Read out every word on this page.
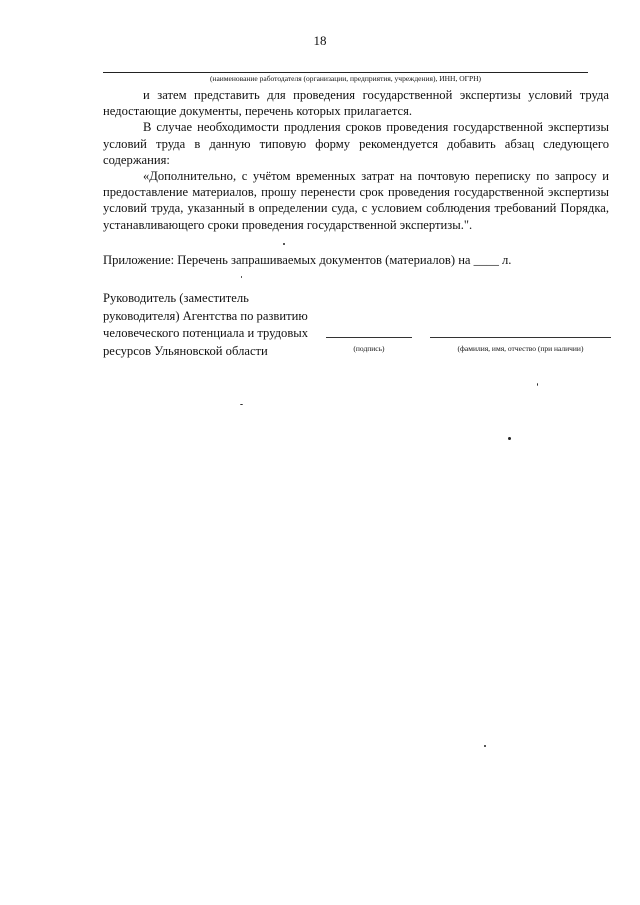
18
(наименование работодателя (организации, предприятия, учреждения), ИНН, ОГРН)

и затем представить для проведения государственной экспертизы условий труда недостающие документы, перечень которых прилагается.

В случае необходимости продления сроков проведения государственной экспертизы условий труда в данную типовую форму рекомендуется добавить абзац следующего содержания:

«Дополнительно, с учётом временных затрат на почтовую переписку по запросу и предоставление материалов, прошу перенести срок проведения государственной экспертизы условий труда, указанный в определении суда, с условием соблюдения требований Порядка, устанавливающего сроки проведения государственной экспертизы.".

Приложение: Перечень запрашиваемых документов (материалов) на ____ л.
Руководитель (заместитель
руководителя) Агентства по развитию
человеческого потенциала и трудовых
ресурсов Ульяновской области	(подпись)	(фамилия, имя, отчество (при наличии)
